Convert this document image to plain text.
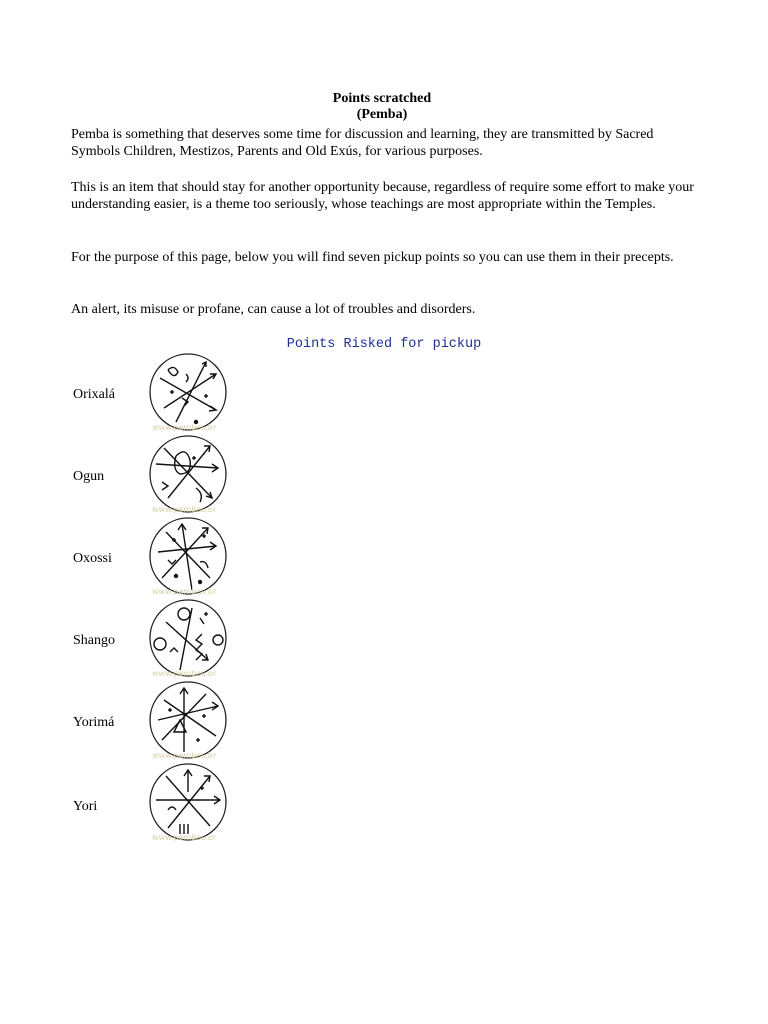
Points scratched
(Pemba)

Pemba is something that deserves some time for discussion and learning, they are transmitted by Sacred Symbols Children, Mestizos, Parents and Old Exús, for various purposes.

This is an item that should stay for another opportunity because, regardless of require some effort to make your understanding easier, is a theme too seriously, whose teachings are most appropriate within the Temples.

For the purpose of this page, below you will find seven pickup points so you can use them in their precepts.

An alert, its misuse or profane, can cause a lot of troubles and disorders.

Points Risked for pickup
Orixalá
www.pembas.br
Ogun
www.pembas.br
Oxossi
www.pembas.br
Shango
www.pembas.br
Yorimá
www.pembas.br
Yori
www.pembas.br
